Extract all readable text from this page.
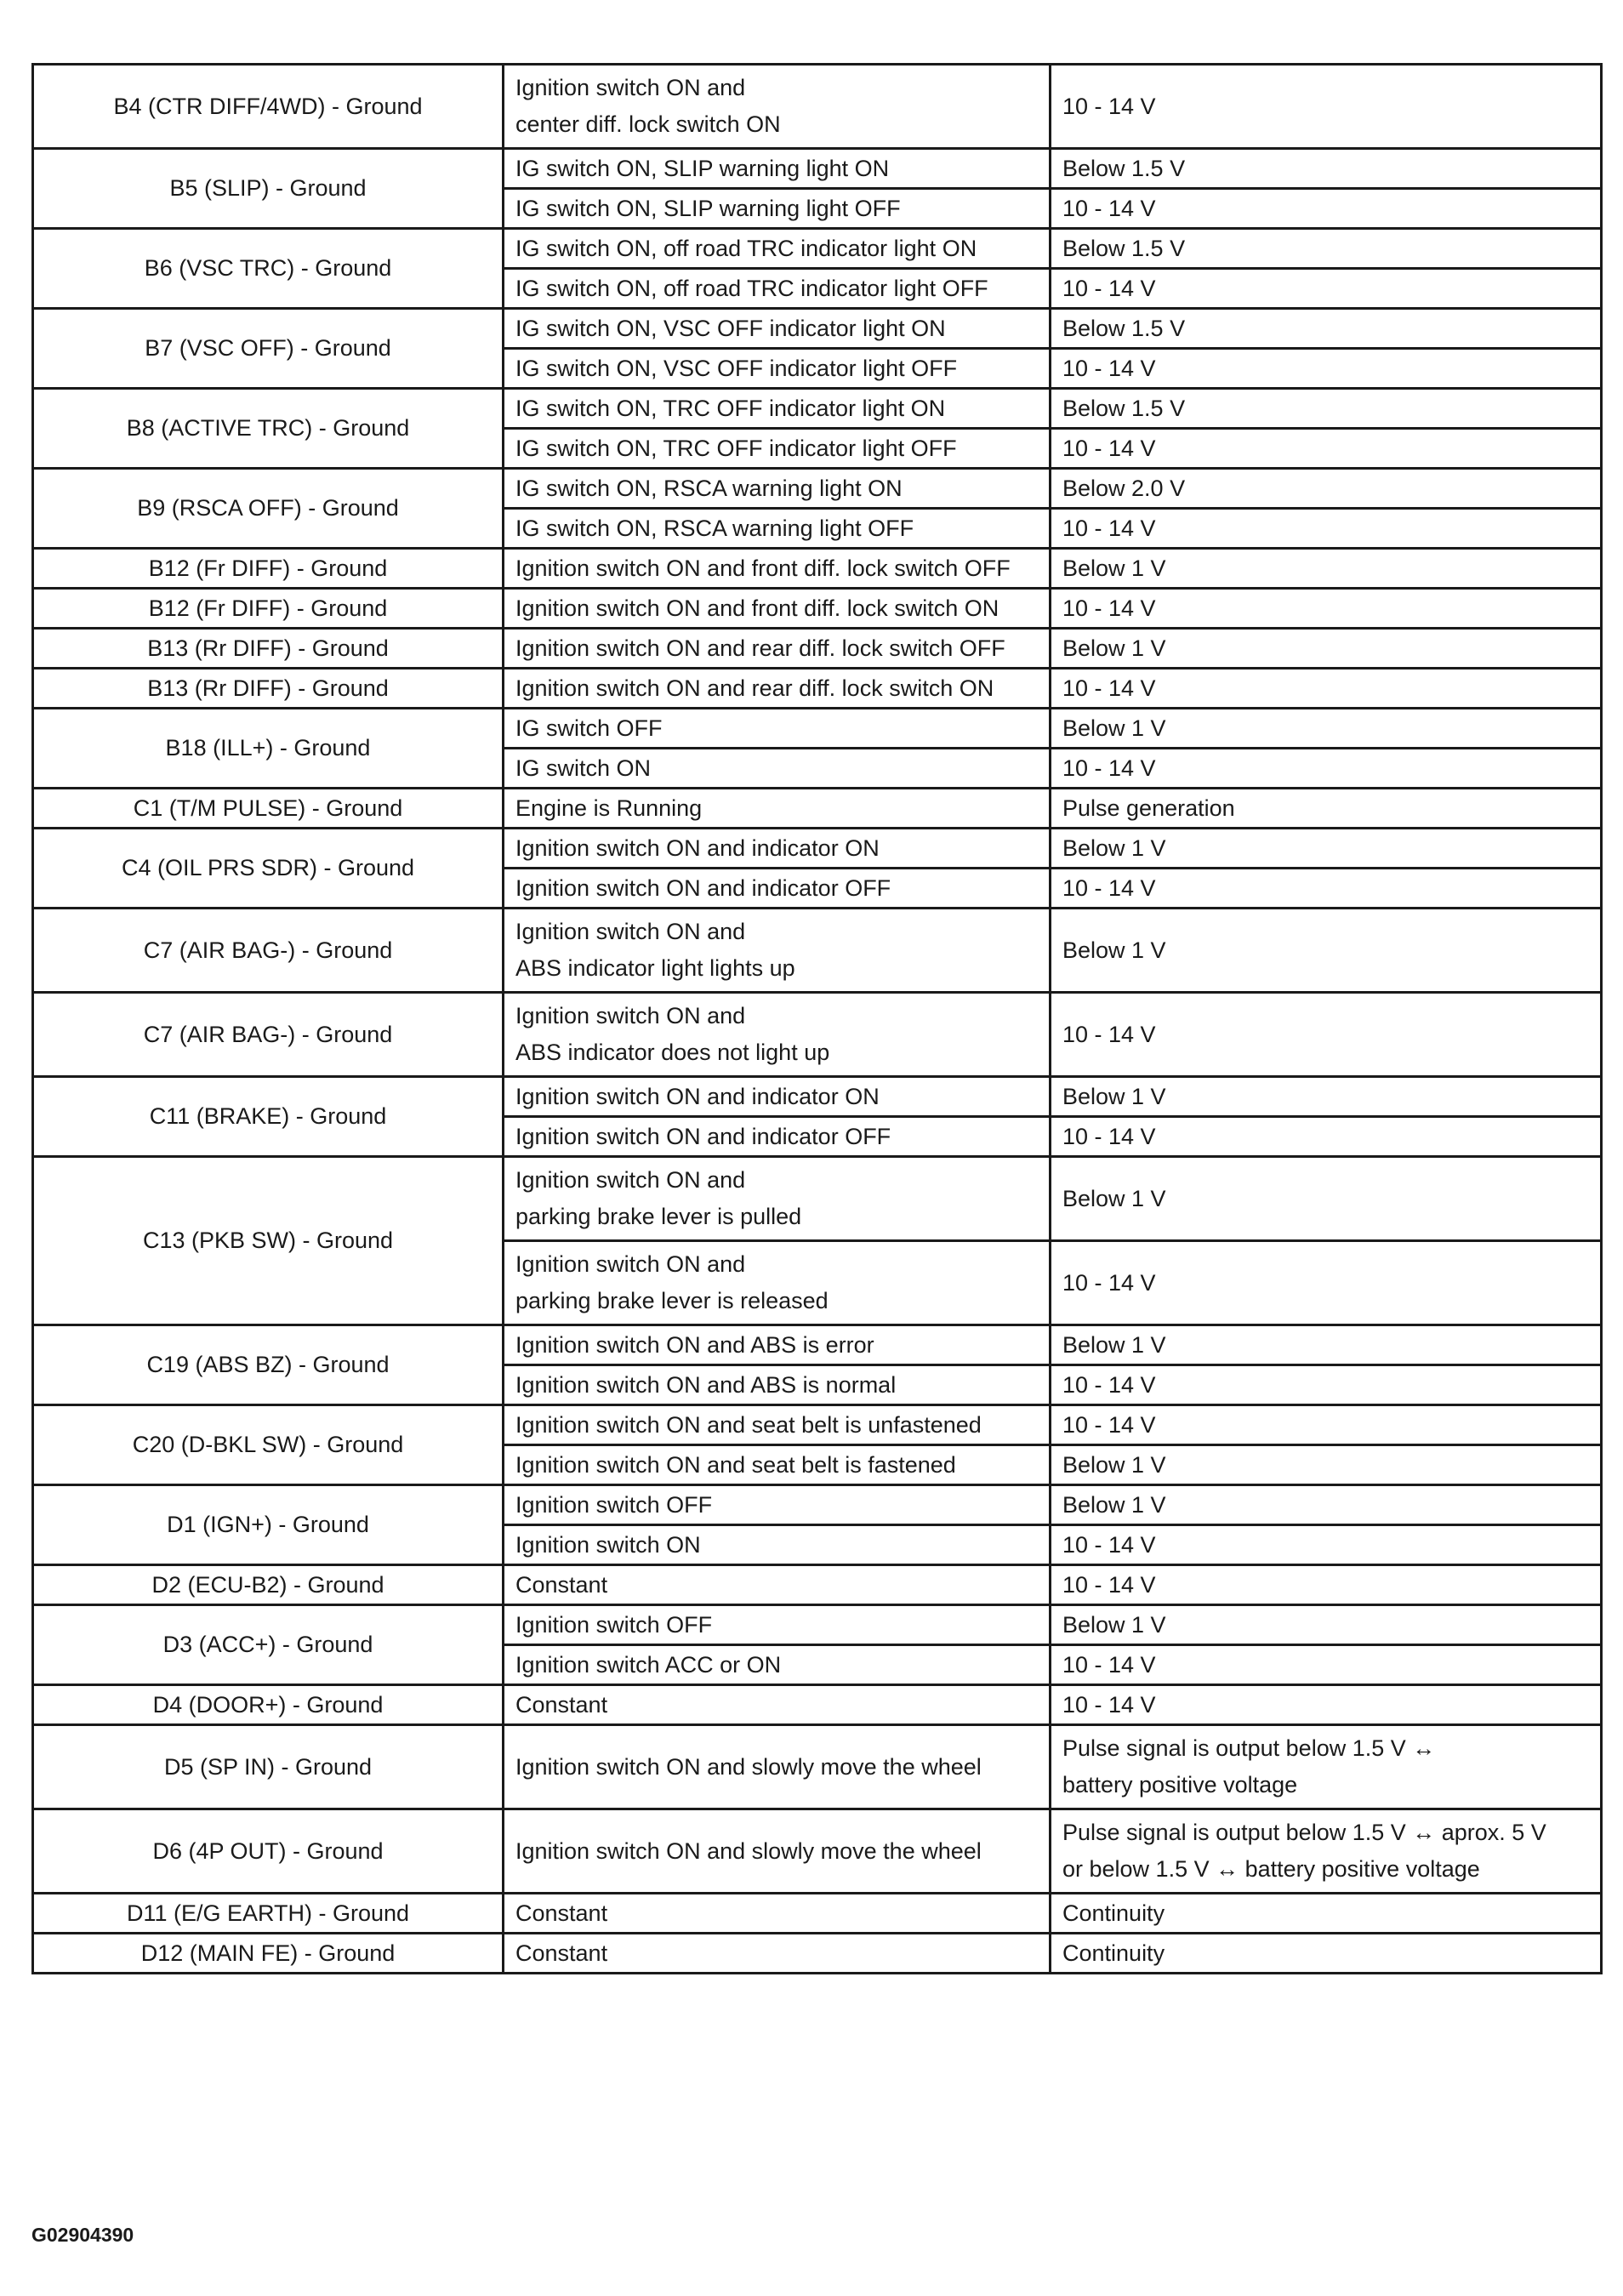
B4 (CTR DIFF/4WD) - Ground	Ignition switch ON and
center diff. lock switch ON	10 - 14 V
B5 (SLIP) - Ground	IG switch ON, SLIP warning light ON	Below 1.5 V
	IG switch ON, SLIP warning light OFF	10 - 14 V
B6 (VSC TRC) - Ground	IG switch ON, off road TRC indicator light ON	Below 1.5 V
	IG switch ON, off road TRC indicator light OFF	10 - 14 V
B7 (VSC OFF) - Ground	IG switch ON, VSC OFF indicator light ON	Below 1.5 V
	IG switch ON, VSC OFF indicator light OFF	10 - 14 V
B8 (ACTIVE TRC) - Ground	IG switch ON, TRC OFF indicator light ON	Below 1.5 V
	IG switch ON, TRC OFF indicator light OFF	10 - 14 V
B9 (RSCA OFF) - Ground	IG switch ON, RSCA warning light ON	Below 2.0 V
	IG switch ON, RSCA warning light OFF	10 - 14 V
B12 (Fr DIFF) - Ground	Ignition switch ON and front diff. lock switch OFF	Below 1 V
B12 (Fr DIFF) - Ground	Ignition switch ON and front diff. lock switch ON	10 - 14 V
B13 (Rr DIFF) - Ground	Ignition switch ON and rear diff. lock switch OFF	Below 1 V
B13 (Rr DIFF) - Ground	Ignition switch ON and rear diff. lock switch ON	10 - 14 V
B18 (ILL+) - Ground	IG switch OFF	Below 1 V
	IG switch ON	10 - 14 V
C1 (T/M PULSE) - Ground	Engine is Running	Pulse generation
C4 (OIL PRS SDR) - Ground	Ignition switch ON and indicator ON	Below 1 V
	Ignition switch ON and indicator OFF	10 - 14 V
C7 (AIR BAG-) - Ground	Ignition switch ON and
ABS indicator light lights up	Below 1 V
C7 (AIR BAG-) - Ground	Ignition switch ON and
ABS indicator does not light up	10 - 14 V
C11 (BRAKE) - Ground	Ignition switch ON and indicator ON	Below 1 V
	Ignition switch ON and indicator OFF	10 - 14 V
C13 (PKB SW) - Ground	Ignition switch ON and
parking brake lever is pulled	Below 1 V
	Ignition switch ON and
parking brake lever is released	10 - 14 V
C19 (ABS BZ) - Ground	Ignition switch ON and ABS is error	Below 1 V
	Ignition switch ON and ABS is normal	10 - 14 V
C20 (D-BKL SW) - Ground	Ignition switch ON and seat belt is unfastened	10 - 14 V
	Ignition switch ON and seat belt is fastened	Below 1 V
D1 (IGN+) - Ground	Ignition switch OFF	Below 1 V
	Ignition switch ON	10 - 14 V
D2 (ECU-B2) - Ground	Constant	10 - 14 V
D3 (ACC+) - Ground	Ignition switch OFF	Below 1 V
	Ignition switch ACC or ON	10 - 14 V
D4 (DOOR+) - Ground	Constant	10 - 14 V
D5 (SP IN) - Ground	Ignition switch ON and slowly move the wheel	Pulse signal is output below 1.5 V ↔
battery positive voltage
D6 (4P OUT) - Ground	Ignition switch ON and slowly move the wheel	Pulse signal is output below 1.5 V ↔ aprox. 5 V
or below 1.5 V ↔ battery positive voltage
D11 (E/G EARTH) - Ground	Constant	Continuity
D12 (MAIN FE) - Ground	Constant	Continuity
G02904390
